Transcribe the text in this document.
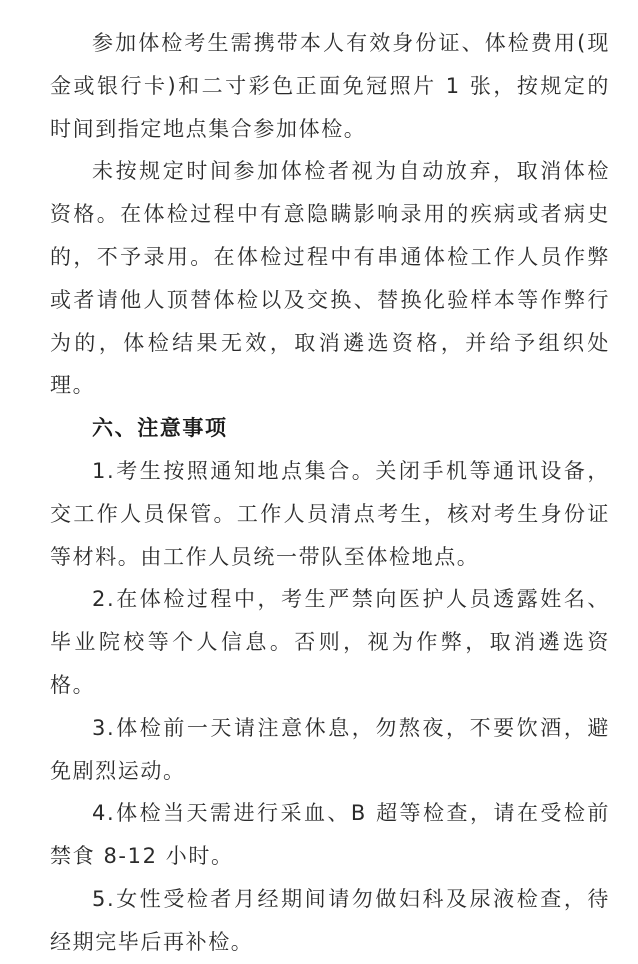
参加体检考生需携带本人有效身份证、体检费用(现金或银行卡)和二寸彩色正面免冠照片 1 张，按规定的时间到指定地点集合参加体检。

未按规定时间参加体检者视为自动放弃，取消体检资格。在体检过程中有意隐瞒影响录用的疾病或者病史的，不予录用。在体检过程中有串通体检工作人员作弊或者请他人顶替体检以及交换、替换化验样本等作弊行为的，体检结果无效，取消遴选资格，并给予组织处理。

六、注意事项

1.考生按照通知地点集合。关闭手机等通讯设备，交工作人员保管。工作人员清点考生，核对考生身份证等材料。由工作人员统一带队至体检地点。

2.在体检过程中，考生严禁向医护人员透露姓名、毕业院校等个人信息。否则，视为作弊，取消遴选资格。

3.体检前一天请注意休息，勿熬夜，不要饮酒，避免剧烈运动。

4.体检当天需进行采血、B 超等检查，请在受检前禁食 8-12 小时。

5.女性受检者月经期间请勿做妇科及尿液检查，待经期完毕后再补检。
